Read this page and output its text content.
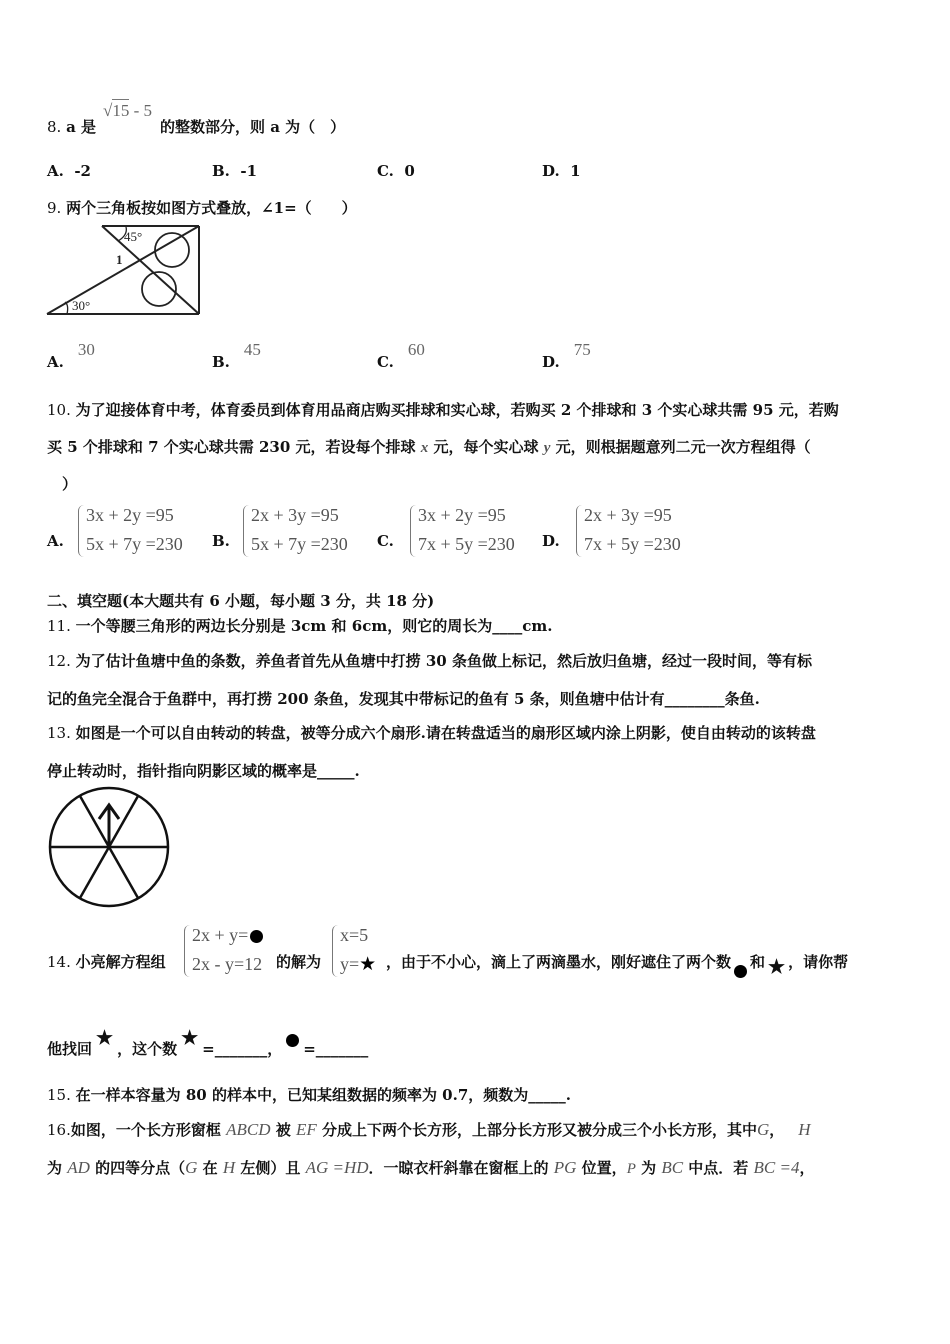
8. a 是
√15 - 5
的整数部分，则 a 为（　）
A. -2	B. -1	C. 0	D. 1
9. 两个三角板按如图方式叠放，∠1=（　　）
45°
30°
1
A.30
B.45
C.60
D.75
10. 为了迎接体育中考，体育委员到体育用品商店购买排球和实心球，若购买 2 个排球和 3 个实心球共需 95 元，若购
买 5 个排球和 7 个实心球共需 230 元，若设每个排球 x 元，每个实心球 y 元，则根据题意列二元一次方程组得（
）
A.
3x + 2y =95
5x + 7y =230 B.
2x + 3y =95
5x + 7y =230 C.
3x + 2y =95
7x + 5y =230 D.
2x + 3y =95
7x + 5y =230
二、填空题(本大题共有 6 小题，每小题 3 分，共 18 分)
11. 一个等腰三角形的两边长分别是 3cm 和 6cm，则它的周长为____cm.
12. 为了估计鱼塘中鱼的条数，养鱼者首先从鱼塘中打捞 30 条鱼做上标记，然后放归鱼塘，经过一段时间，等有标
记的鱼完全混合于鱼群中，再打捞 200 条鱼，发现其中带标记的鱼有 5 条，则鱼塘中估计有________条鱼.
13. 如图是一个可以自由转动的转盘，被等分成六个扇形.请在转盘适当的扇形区域内涂上阴影，使自由转动的该转盘
停止转动时，指针指向阴影区域的概率是_____.
14. 小亮解方程组
2x + y=
2x - y=12 的解为
x=5
y=★ ，由于不小心，滴上了两滴墨水，刚好遮住了两个数 和 ★ ，请你帮
他找回 ★ ，这个数 ★ =_______， =_______
15. 在一样本容量为 80 的样本中，已知某组数据的频率为 0.7，频数为_____.
16.如图，一个长方形窗框 ABCD 被 EF 分成上下两个长方形，上部分长方形又被分成三个小长方形，其中G， H
为 AD 的四等分点（G 在 H 左侧）且 AG =HD．一晾衣杆斜靠在窗框上的 PG 位置，P 为 BC 中点．若 BC =4，
